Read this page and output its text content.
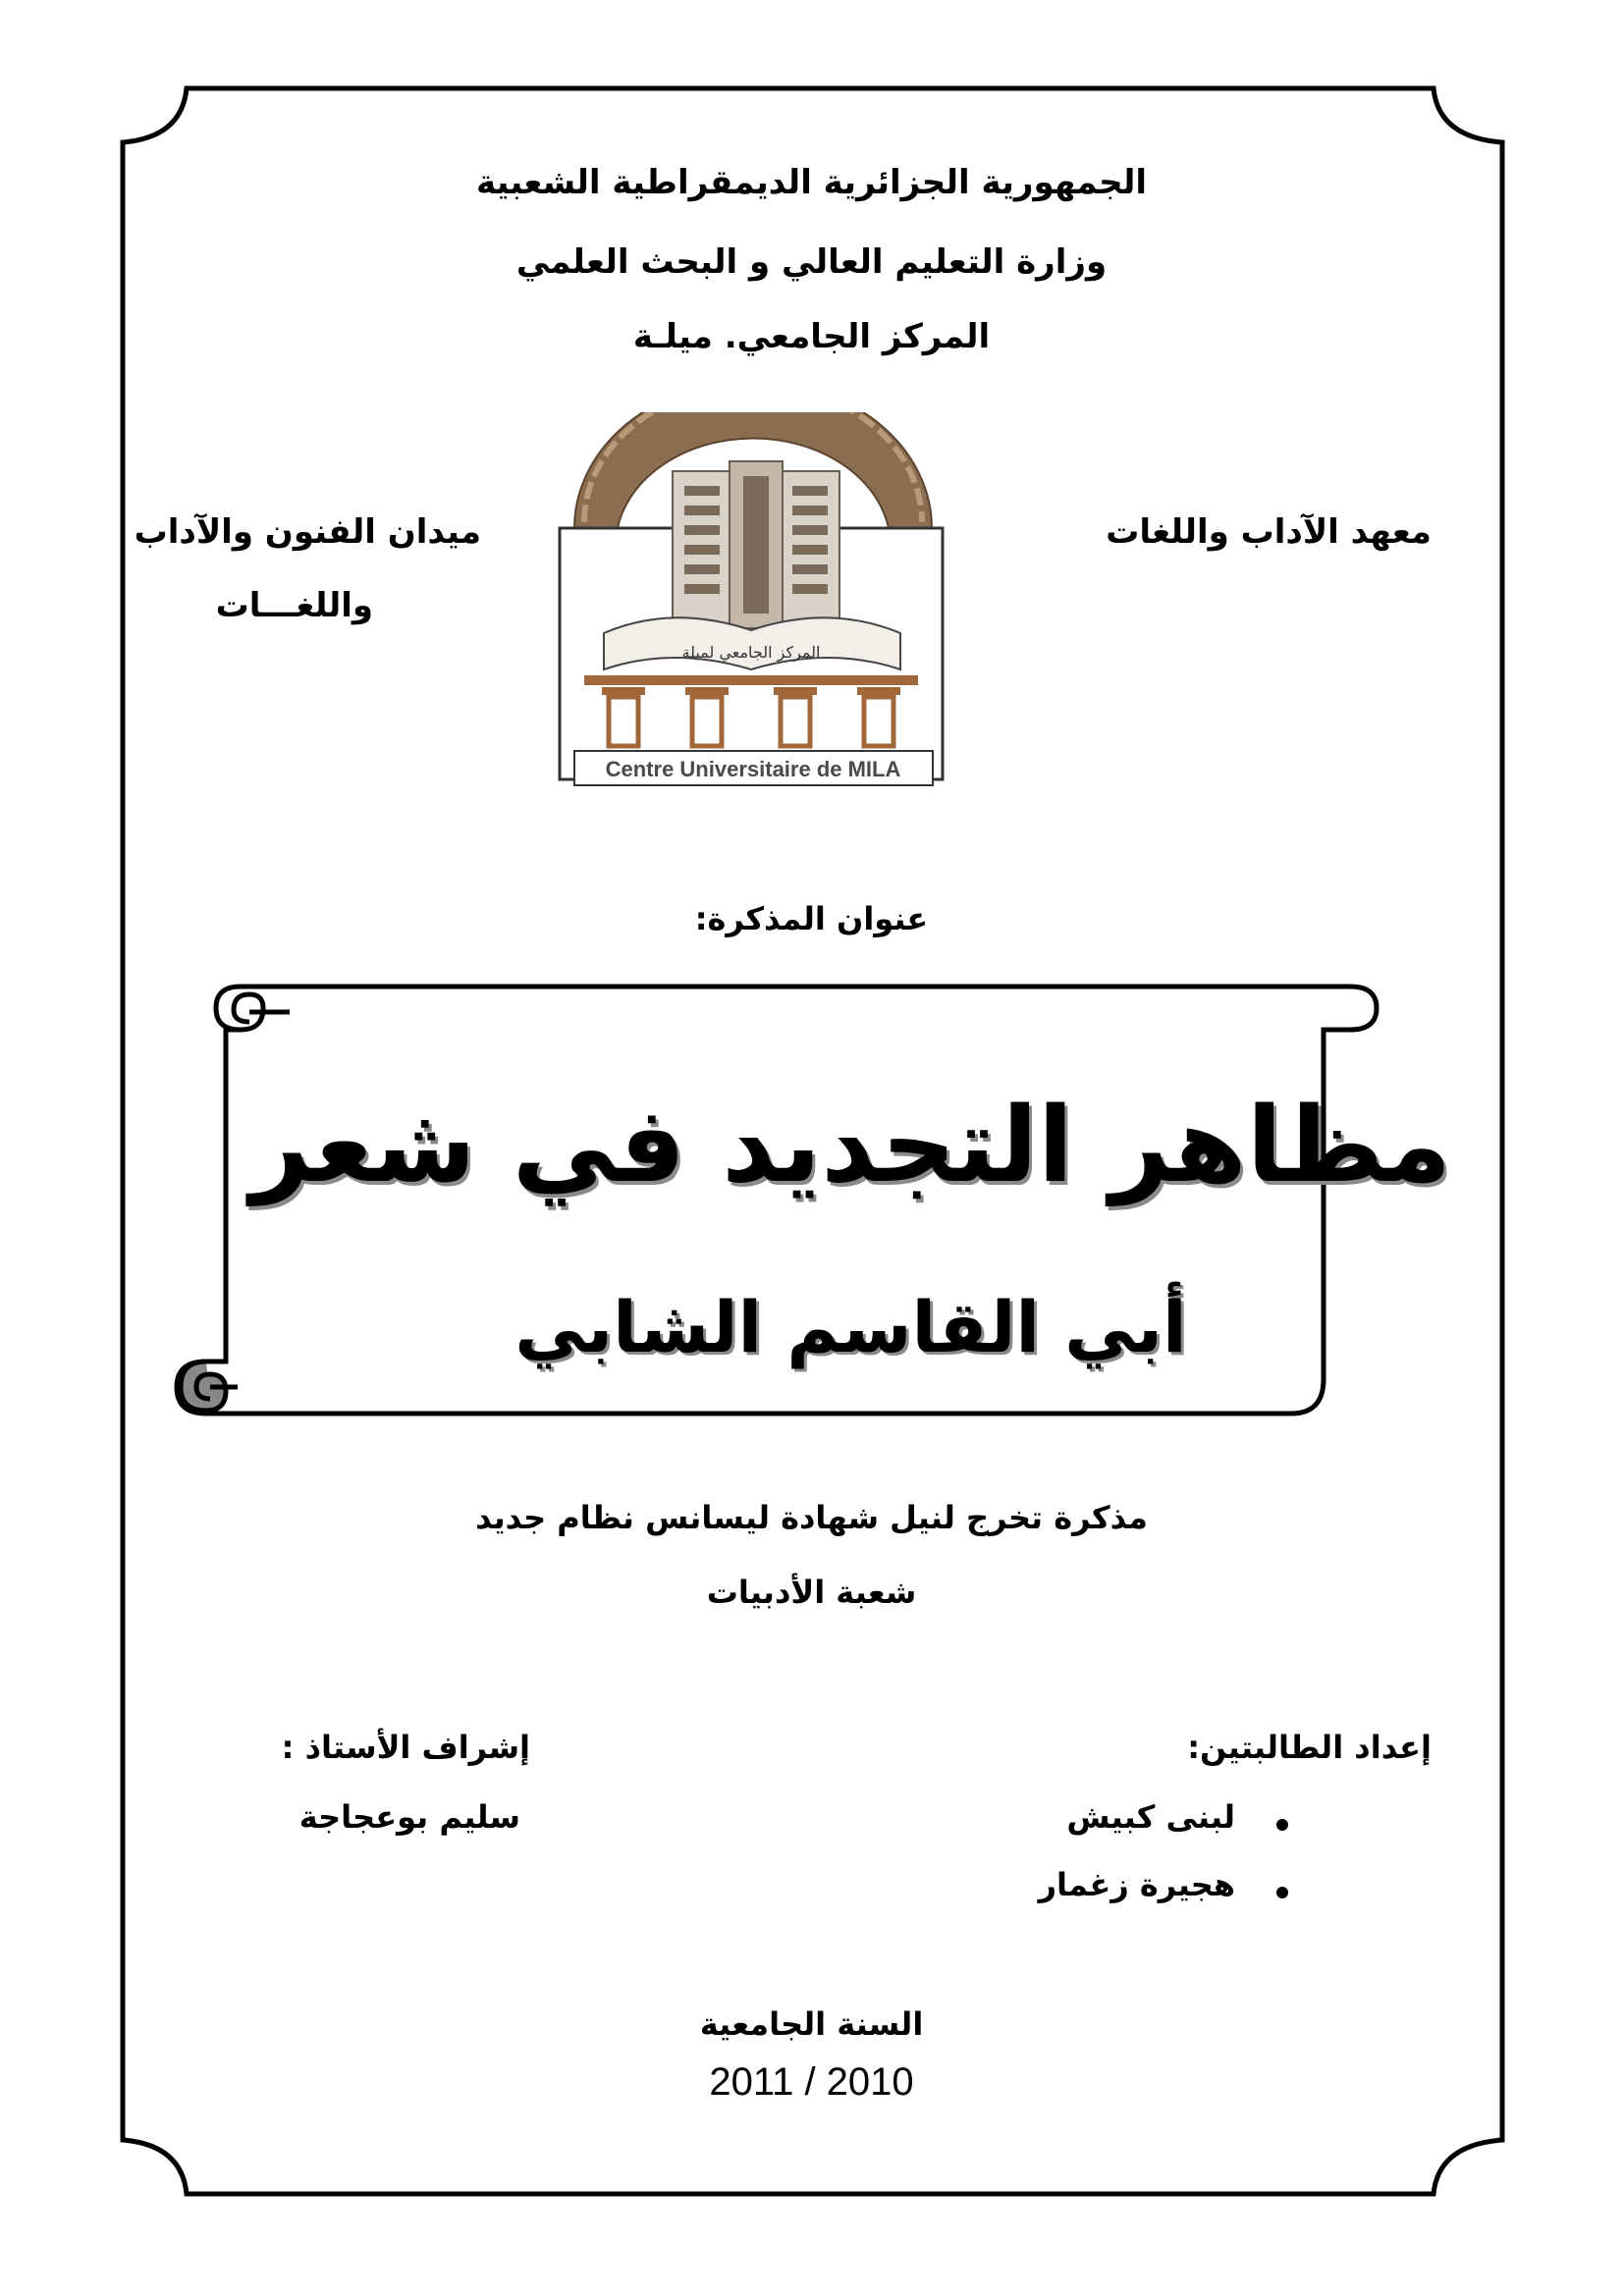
الجمهورية الجزائرية الديمقراطية الشعبية
وزارة التعليم العالي و البحث العلمي
المركز الجامعي. ميلـة
معهد الآداب واللغات
ميدان الفنون والآداب
واللغـــات
المركز الجامعي لميلة
Centre Universitaire de MILA
عنوان المذكرة:
مظاهر التجديد في شعر
أبي القاسم الشابي
مذكرة تخرج لنيل شهادة ليسانس نظام جديد
شعبة الأدبيات
إعداد الطالبتين:
لبنى كبيش
هجيرة زغمار
إشراف الأستاذ :
سليم بوعجاجة
السنة الجامعية
2011 / 2010
